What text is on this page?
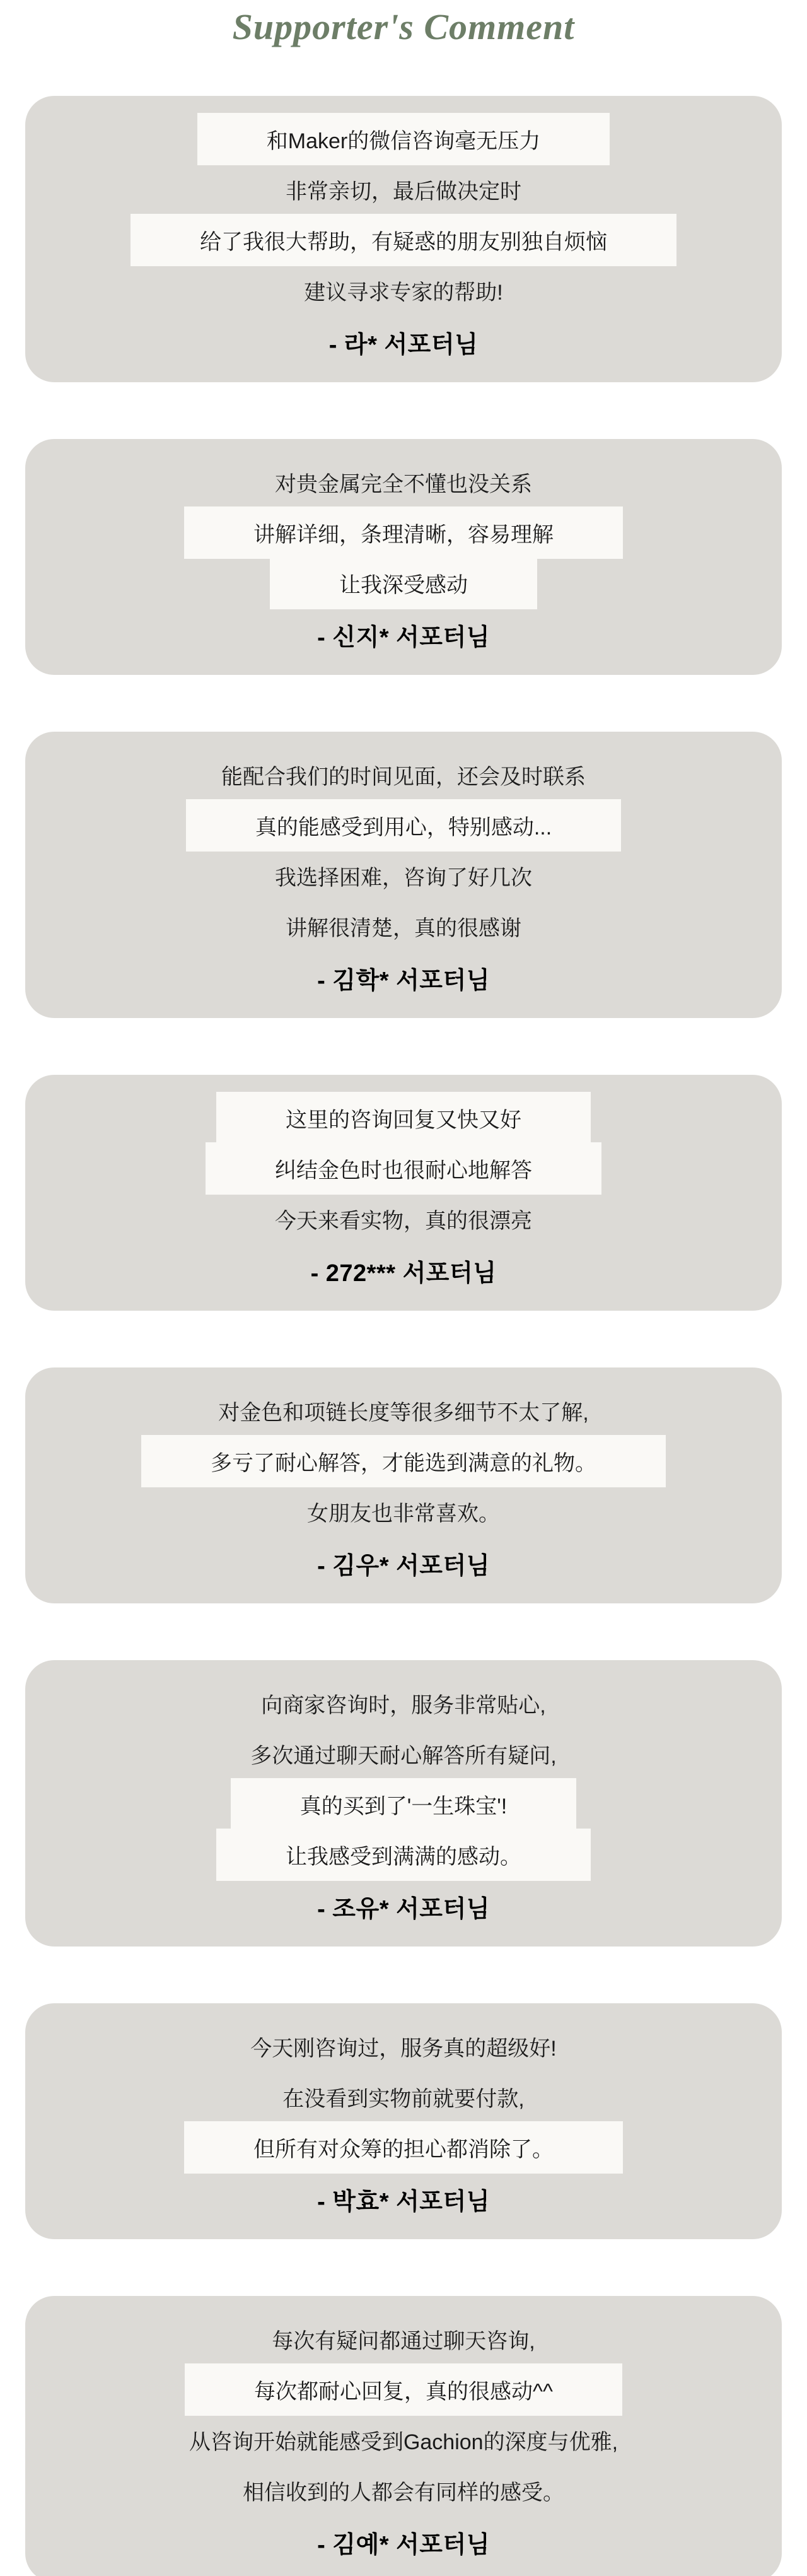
Supporter's Comment

和Maker的微信咨询毫无压力

非常亲切，最后做决定时

给了我很大帮助，有疑惑的朋友别独自烦恼

建议寻求专家的帮助!

- 라* 서포터님

对贵金属完全不懂也没关系

讲解详细，条理清晰，容易理解

让我深受感动

- 신지* 서포터님

能配合我们的时间见面，还会及时联系

真的能感受到用心，特别感动...

我选择困难，咨询了好几次

讲解很清楚，真的很感谢

- 김학* 서포터님

这里的咨询回复又快又好

纠结金色时也很耐心地解答

今天来看实物，真的很漂亮

- 272*** 서포터님

对金色和项链长度等很多细节不太了解,

多亏了耐心解答，才能选到满意的礼物。

女朋友也非常喜欢。

- 김우* 서포터님

向商家咨询时，服务非常贴心,

多次通过聊天耐心解答所有疑问,

真的买到了'一生珠宝'!

让我感受到满满的感动。

- 조유* 서포터님

今天刚咨询过，服务真的超级好!

在没看到实物前就要付款,

但所有对众筹的担心都消除了。

- 박효* 서포터님

每次有疑问都通过聊天咨询,

每次都耐心回复，真的很感动^^

从咨询开始就能感受到Gachion的深度与优雅,

相信收到的人都会有同样的感受。

- 김예* 서포터님
